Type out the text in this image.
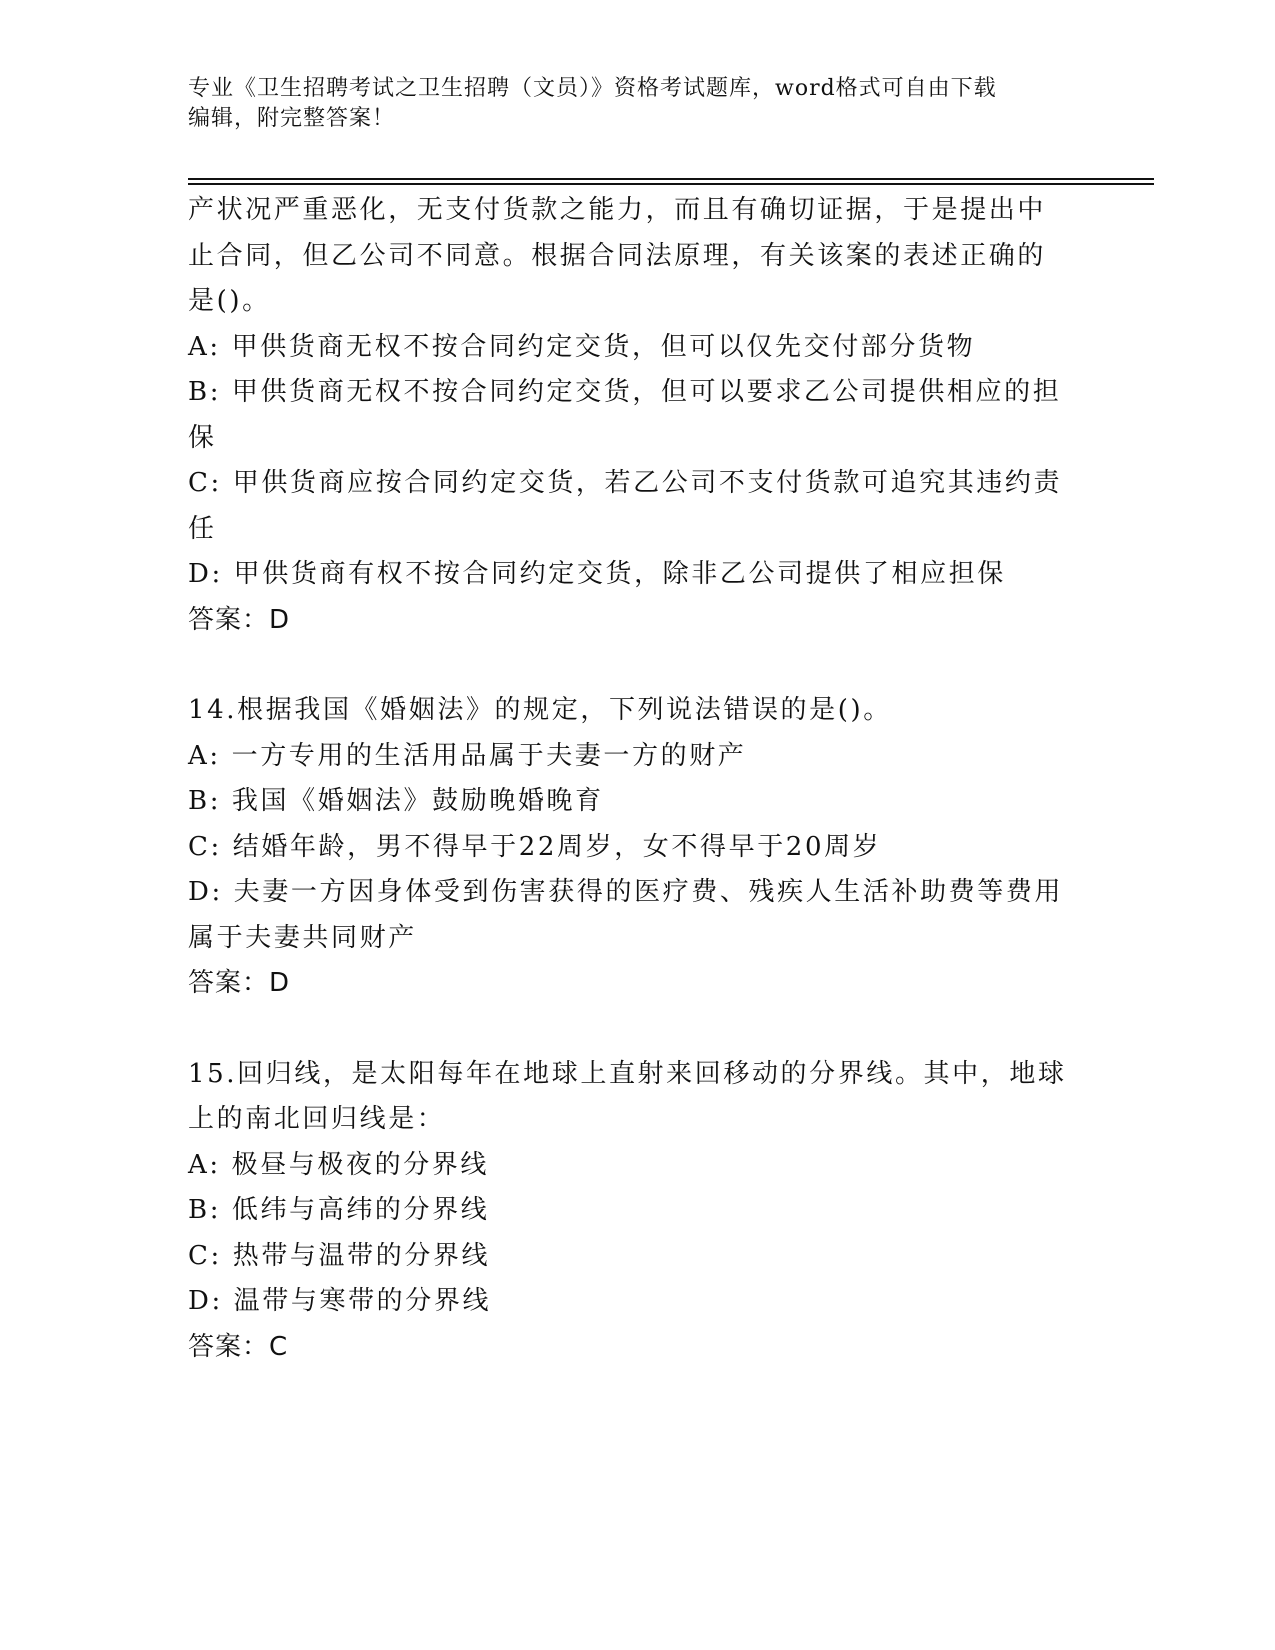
专业《卫生招聘考试之卫生招聘（文员）》资格考试题库，word格式可自由下载
编辑，附完整答案！

产状况严重恶化，无支付货款之能力，而且有确切证据，于是提出中

止合同，但乙公司不同意。根据合同法原理，有关该案的表述正确的

是()。

A: 甲供货商无权不按合同约定交货，但可以仅先交付部分货物

B: 甲供货商无权不按合同约定交货，但可以要求乙公司提供相应的担

保

C: 甲供货商应按合同约定交货，若乙公司不支付货款可追究其违约责

任

D: 甲供货商有权不按合同约定交货，除非乙公司提供了相应担保

答案：D

14.根据我国《婚姻法》的规定，下列说法错误的是()。

A: 一方专用的生活用品属于夫妻一方的财产

B: 我国《婚姻法》鼓励晚婚晚育

C: 结婚年龄，男不得早于22周岁，女不得早于20周岁

D: 夫妻一方因身体受到伤害获得的医疗费、残疾人生活补助费等费用

属于夫妻共同财产

答案：D

15.回归线，是太阳每年在地球上直射来回移动的分界线。其中，地球

上的南北回归线是：

A: 极昼与极夜的分界线

B: 低纬与高纬的分界线

C: 热带与温带的分界线

D: 温带与寒带的分界线

答案：C
